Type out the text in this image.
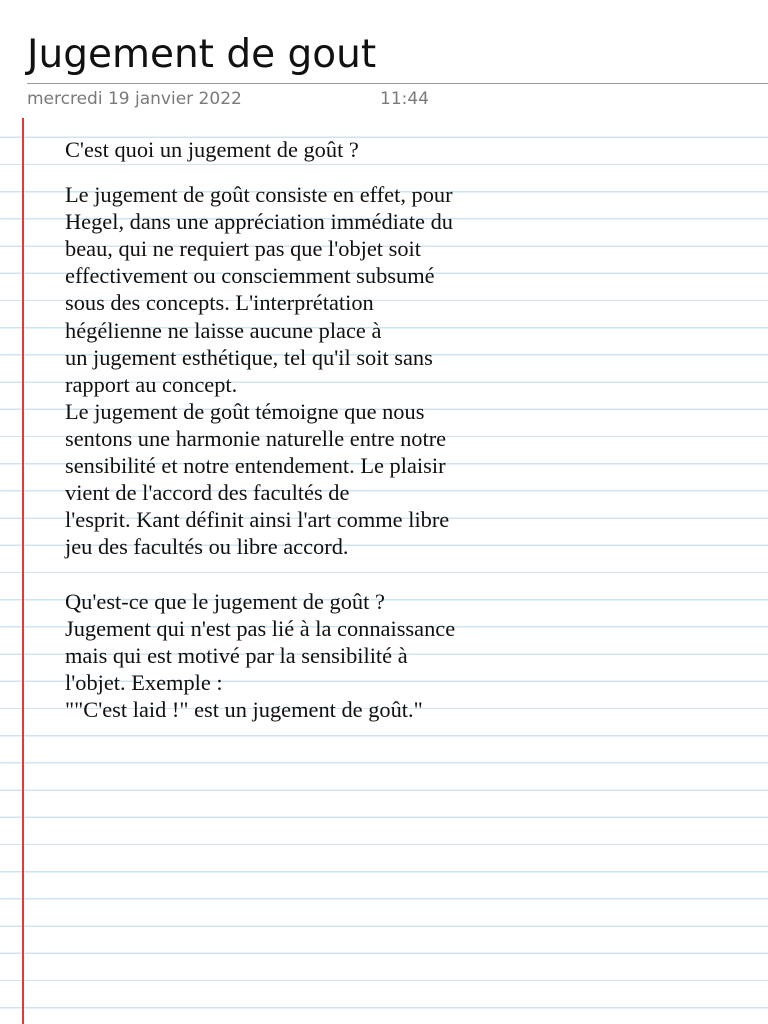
Jugement de gout
mercredi 19 janvier 2022	11:44
C'est quoi un jugement de goût ?
Le jugement de goût consiste en effet, pour
Hegel, dans une appréciation immédiate du
beau, qui ne requiert pas que l'objet soit
effectivement ou consciemment subsumé
sous des concepts. L'interprétation
hégélienne ne laisse aucune place à
un jugement esthétique, tel qu'il soit sans
rapport au concept.
Le jugement de goût témoigne que nous
sentons une harmonie naturelle entre notre
sensibilité et notre entendement. Le plaisir
vient de l'accord des facultés de
l'esprit. Kant définit ainsi l'art comme libre
jeu des facultés ou libre accord.
Qu'est-ce que le jugement de goût ?
Jugement qui n'est pas lié à la connaissance
mais qui est motivé par la sensibilité à
l'objet. Exemple :
""C'est laid !" est un jugement de goût."
